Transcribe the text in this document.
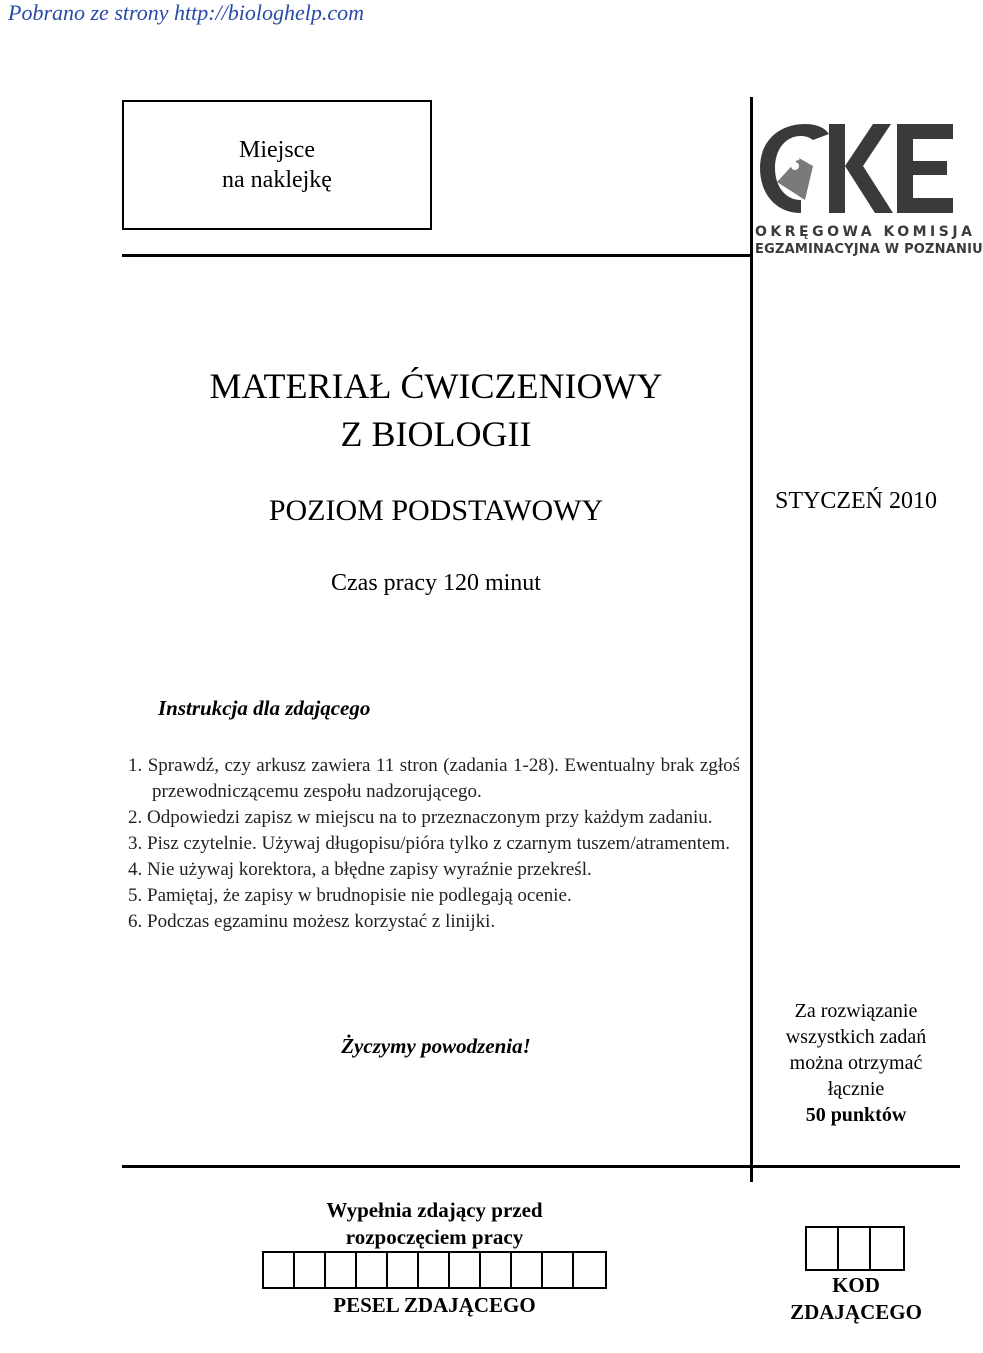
Pobrano ze strony http://biologhelp.com
Miejsce
na naklejkę
OKRĘGOWA KOMISJA
EGZAMINACYJNA W POZNANIU
MATERIAŁ ĆWICZENIOWY
Z BIOLOGII
POZIOM PODSTAWOWY	STYCZEŃ 2010
Czas pracy 120 minut
Instrukcja dla zdającego
1. Sprawdź, czy arkusz zawiera 11 stron (zadania 1-28). Ewentualny brak zgłoś przewodniczącemu zespołu nadzorującego.
2. Odpowiedzi zapisz w miejscu na to przeznaczonym przy każdym zadaniu.
3. Pisz czytelnie. Używaj długopisu/pióra tylko z czarnym tuszem/atramentem.
4. Nie używaj korektora, a błędne zapisy wyraźnie przekreśl.
5. Pamiętaj, że zapisy w brudnopisie nie podlegają ocenie.
6. Podczas egzaminu możesz korzystać z linijki.
Życzymy powodzenia!
Za rozwiązanie
wszystkich zadań
można otrzymać
łącznie
50 punktów
Wypełnia zdający przed
rozpoczęciem pracy
PESEL ZDAJĄCEGO
KOD
ZDAJĄCEGO
